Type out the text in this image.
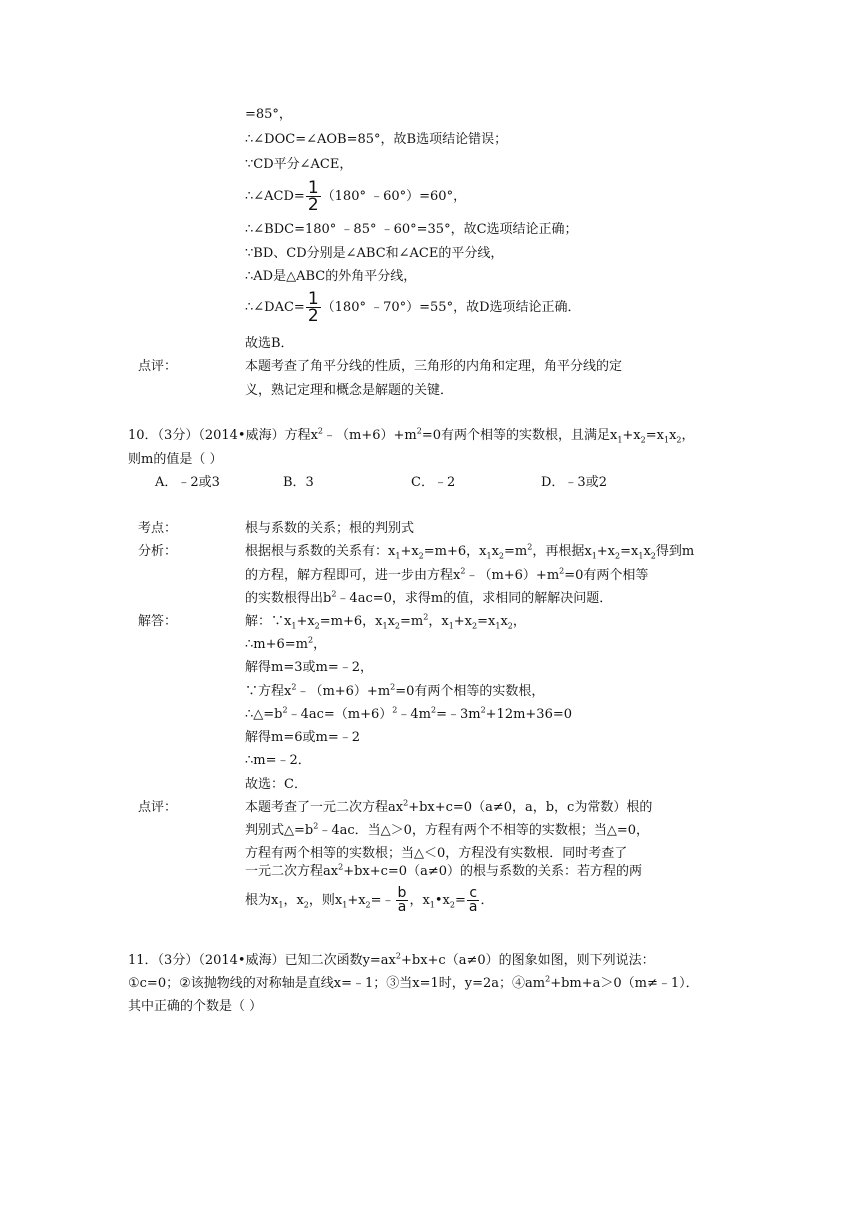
=85°，
∴∠DOC=∠AOB=85°，故B选项结论错误；
∵CD平分∠ACE，
∴∠ACD= $\frac{1}{2} (180^\circ$ ﹣60°）=60°，
∴∠BDC=180° ﹣85° ﹣60°=35°，故C选项结论正确；
∵BD、CD分别是∠ABC和∠ACE的平分线，
∴AD是△ABC的外角平分线，
∴∠DAC= $\frac{1}{2} (180^\circ$ ﹣70°）=55°，故D选项结论正确．
故选B．
点评：	本题考查了角平分线的性质，三角形的内角和定理，角平分线的定
义，熟记定理和概念是解题的关键．
10．（3分）（2014•威海）方程$x^2﹣(m+6)+m^2=0$有两个相等的实数根，且满足$x_1+x_2=x_1x_2$，
则m的值是（ ）
A．﹣2或3	B．3	C．﹣2	D．﹣3或2
考点：	根与系数的关系；根的判别式
分析：	根据根与系数的关系有：$x_1+x_2=m+6$，$x_1x_2=m^2$，再根据$x_1+x_2=x_1x_2$得到m
的方程，解方程即可，进一步由方程$x^2﹣(m+6)+m^2=0$有两个相等
的实数根得出$b^2﹣4ac=0$，求得m的值，求相同的解解决问题．
解答：	解：$\because x_1+x_2=m+6$，$x_1x_2=m^2$，$x_1+x_2=x_1x_2$，
$\therefore m+6=m^2$，
解得m=3或m=﹣2，
∵方程$x^2﹣(m+6)+m^2=0$有两个相等的实数根，
$\therefore\triangle=b^2﹣4ac=(m+6)^2﹣4m^2=﹣3m^2+12m+36=0$
解得m=6或m=﹣2
∴m=﹣2．
故选：C．
点评：	本题考查了一元二次方程$ax^2+bx+c=0(a\ne 0$，a，b，c为常数）根的
判别式$\triangle=b^2﹣4ac$．当△＞0，方程有两个不相等的实数根；当△=0，
方程有两个相等的实数根；当△＜0，方程没有实数根．同时考查了
一元二次方程$ax^2+bx+c=0(a\ne 0)$的根与系数的关系：若方程的两
根为$x_1$，$x_2$，则$x_1+x_2=﹣ \frac{b}{a}$ ，$x_1•x_2= \frac{c}{a}$ ．
11．（3分）（2014•威海）已知二次函数$y=ax^2+bx+c(a\ne 0)$的图象如图，则下列说法：
①c=0；②该抛物线的对称轴是直线x=﹣1；③当x=1时，y=2a；$④am^2+bm+a>0(m\ne﹣1)$．
其中正确的个数是（ ）
